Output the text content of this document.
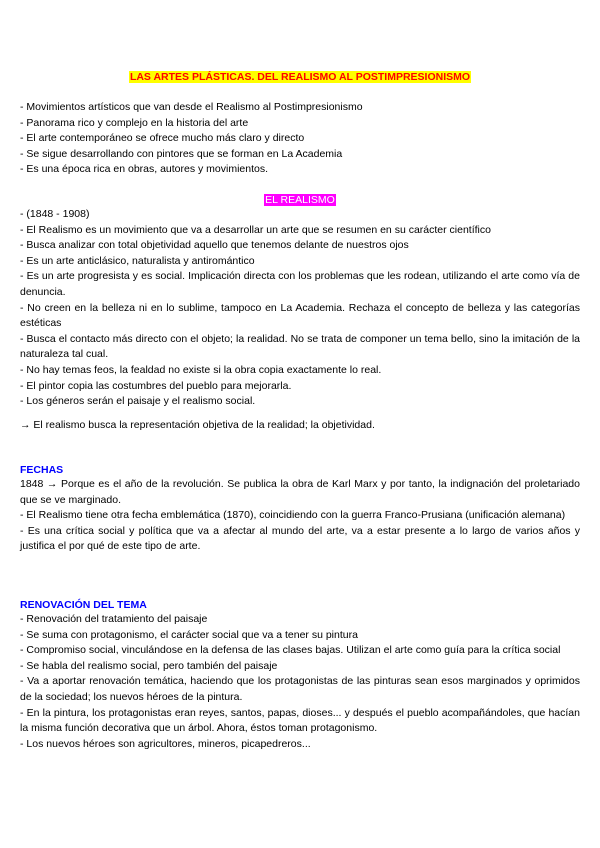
LAS ARTES PLÁSTICAS. DEL REALISMO AL POSTIMPRESIONISMO

- Movimientos artísticos que van desde el Realismo al Postimpresionismo

- Panorama rico y complejo en la historia del arte

- El arte contemporáneo se ofrece mucho más claro y directo

- Se sigue desarrollando con pintores que se forman en La Academia

- Es una época rica en obras, autores y movimientos.

EL REALISMO

- (1848 - 1908)

- El Realismo es un movimiento que va a desarrollar un arte que se resumen en su carácter científico

- Busca analizar con total objetividad aquello que tenemos delante de nuestros ojos

- Es un arte anticlásico, naturalista y antiromántico

- Es un arte progresista y es social. Implicación directa con los problemas que les rodean, utilizando el arte como vía de denuncia.

- No creen en la belleza ni en lo sublime, tampoco en La Academia. Rechaza el concepto de belleza y las categorías estéticas

- Busca el contacto más directo con el objeto; la realidad. No se trata de componer un tema bello, sino la imitación de la naturaleza tal cual.

- No hay temas feos, la fealdad no existe si la obra copia exactamente lo real.

- El pintor copia las costumbres del pueblo para mejorarla.

- Los géneros serán el paisaje y el realismo social.

→ El realismo busca la representación objetiva de la realidad; la objetividad.

FECHAS

1848 → Porque es el año de la revolución. Se publica la obra de Karl Marx y por tanto, la indignación del proletariado que se ve marginado.

- El Realismo tiene otra fecha emblemática (1870), coincidiendo con la guerra Franco-Prusiana (unificación alemana)

- Es una crítica social y política que va a afectar al mundo del arte, va a estar presente a lo largo de varios años y justifica el por qué de este tipo de arte.

RENOVACIÓN DEL TEMA

- Renovación del tratamiento del paisaje

- Se suma con protagonismo, el carácter social que va a tener su pintura

- Compromiso social, vinculándose en la defensa de las clases bajas. Utilizan el arte como guía para la crítica social

- Se habla del realismo social, pero también del paisaje

- Va a aportar renovación temática, haciendo que los protagonistas de las pinturas sean esos marginados y oprimidos de la sociedad; los nuevos héroes de la pintura.

- En la pintura, los protagonistas eran reyes, santos, papas, dioses... y después el pueblo acompañándoles, que hacían la misma función decorativa que un árbol. Ahora, éstos toman protagonismo.

- Los nuevos héroes son agricultores, mineros, picapedreros...
